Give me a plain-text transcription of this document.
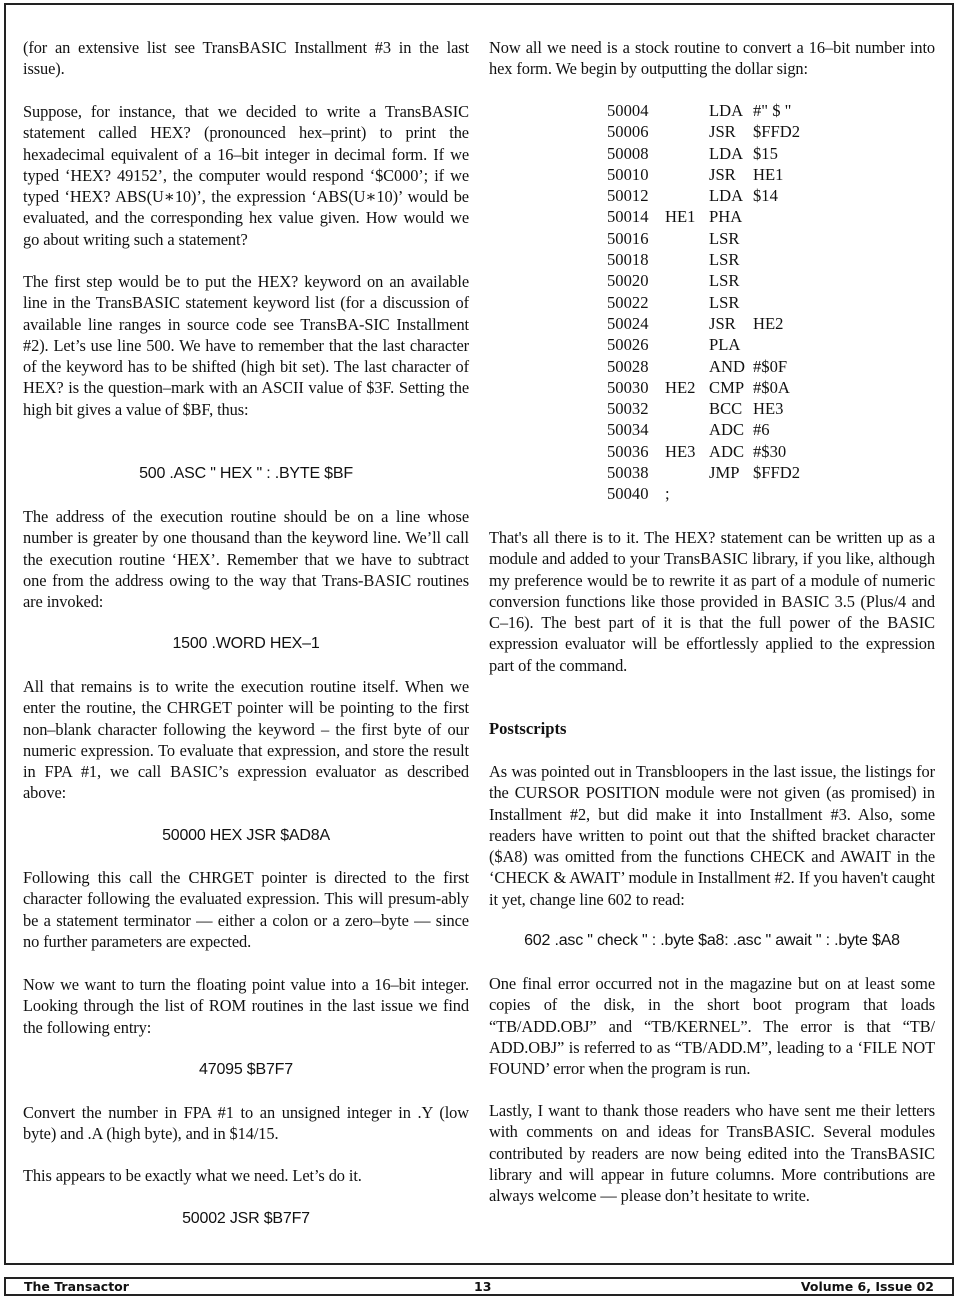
(for an extensive list see TransBASIC Installment #3 in the last issue).

Suppose, for instance, that we decided to write a TransBASIC statement called HEX? (pronounced hex–print) to print the hexadecimal equivalent of a 16–bit integer in decimal form. If we typed ‘HEX? 49152’, the computer would respond ‘$C000’; if we typed ‘HEX? ABS(U∗10)’, the expression ‘ABS(U∗10)’ would be evaluated, and the corresponding hex value given. How would we go about writing such a statement?

The first step would be to put the HEX? keyword on an available line in the TransBASIC statement keyword list (for a discussion of available line ranges in source code see TransBA-SIC Installment #2). Let’s use line 500. We have to remember that the last character of the keyword has to be shifted (high bit set). The last character of HEX? is the question–mark with an ASCII value of $3F. Setting the high bit gives a value of $BF, thus:

500 .ASC " HEX " : .BYTE $BF

The address of the execution routine should be on a line whose number is greater by one thousand than the keyword line. We’ll call the execution routine ‘HEX’. Remember that we have to subtract one from the address owing to the way that Trans-BASIC routines are invoked:

1500 .WORD HEX–1

All that remains is to write the execution routine itself. When we enter the routine, the CHRGET pointer will be pointing to the first non–blank character following the keyword – the first byte of our numeric expression. To evaluate that expression, and store the result in FPA #1, we call BASIC’s expression evaluator as described above:

50000 HEX JSR $AD8A

Following this call the CHRGET pointer is directed to the first character following the evaluated expression. This will presum-ably be a statement terminator — either a colon or a zero–byte — since no further parameters are expected.

Now we want to turn the floating point value into a 16–bit integer. Looking through the list of ROM routines in the last issue we find the following entry:

47095 $B7F7

Convert the number in FPA #1 to an unsigned integer in .Y (low byte) and .A (high byte), and in $14/15.

This appears to be exactly what we need. Let’s do it.

50002 JSR $B7F7

Now all we need is a stock routine to convert a 16–bit number into hex form. We begin by outputting the dollar sign:

50004	LDA #" $ "
50006	JSR $FFD2
50008	LDA $15
50010	JSR HE1
50012	LDA $14
50014 HE1 PHA
50016	LSR
50018	LSR
50020	LSR
50022	LSR
50024	JSR HE2
50026	PLA
50028	AND #$0F
50030 HE2 CMP #$0A
50032	BCC HE3
50034	ADC #6
50036 HE3 ADC #$30
50038	JMP $FFD2
50040 ;

That's all there is to it. The HEX? statement can be written up as a module and added to your TransBASIC library, if you like, although my preference would be to rewrite it as part of a module of numeric conversion functions like those provided in BASIC 3.5 (Plus/4 and C–16). The best part of it is that the full power of the BASIC expression evaluator will be effortlessly applied to the expression part of the command.

Postscripts

As was pointed out in Transbloopers in the last issue, the listings for the CURSOR POSITION module were not given (as promised) in Installment #2, but did make it into Installment #3. Also, some readers have written to point out that the shifted bracket character ($A8) was omitted from the functions CHECK and AWAIT in the ‘CHECK & AWAIT’ module in Installment #2. If you haven't caught it yet, change line 602 to read:

602 .asc " check " : .byte $a8: .asc " await " : .byte $A8

One final error occurred not in the magazine but on at least some copies of the disk, in the short boot program that loads “TB/ADD.OBJ” and “TB/KERNEL”. The error is that “TB/ ADD.OBJ” is referred to as “TB/ADD.M”, leading to a ‘FILE NOT FOUND’ error when the program is run.

Lastly, I want to thank those readers who have sent me their letters with comments on and ideas for TransBASIC. Several modules contributed by readers are now being edited into the TransBASIC library and will appear in future columns. More contributions are always welcome — please don’t hesitate to write.

The Transactor	13	Volume 6, Issue 02
